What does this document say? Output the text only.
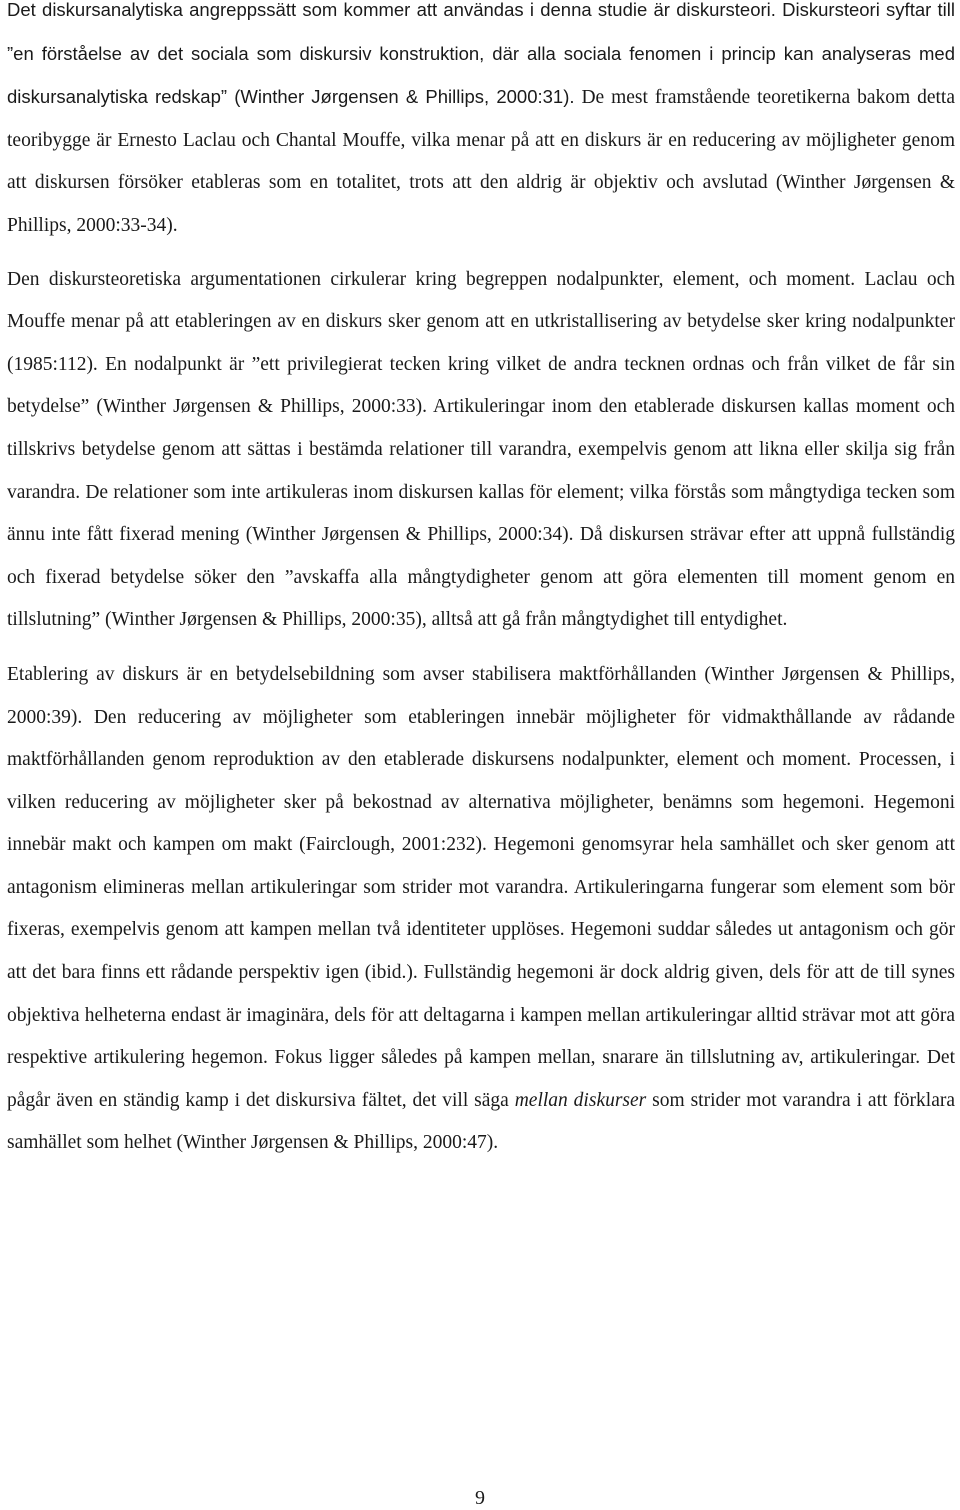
Det diskursanalytiska angreppssätt som kommer att användas i denna studie är diskursteori. Diskursteori syftar till ”en förståelse av det sociala som diskursiv konstruktion, där alla sociala fenomen i princip kan analyseras med diskursanalytiska redskap” (Winther Jørgensen & Phillips, 2000:31). De mest framstående teoretikerna bakom detta teoribygge är Ernesto Laclau och Chantal Mouffe, vilka menar på att en diskurs är en reducering av möjligheter genom att diskursen försöker etableras som en totalitet, trots att den aldrig är objektiv och avslutad (Winther Jørgensen & Phillips, 2000:33-34).

Den diskursteoretiska argumentationen cirkulerar kring begreppen nodalpunkter, element, och moment. Laclau och Mouffe menar på att etableringen av en diskurs sker genom att en utkristallisering av betydelse sker kring nodalpunkter (1985:112). En nodalpunkt är ”ett privilegierat tecken kring vilket de andra tecknen ordnas och från vilket de får sin betydelse” (Winther Jørgensen & Phillips, 2000:33). Artikuleringar inom den etablerade diskursen kallas moment och tillskrivs betydelse genom att sättas i bestämda relationer till varandra, exempelvis genom att likna eller skilja sig från varandra. De relationer som inte artikuleras inom diskursen kallas för element; vilka förstås som mångtydiga tecken som ännu inte fått fixerad mening (Winther Jørgensen & Phillips, 2000:34). Då diskursen strävar efter att uppnå fullständig och fixerad betydelse söker den ”avskaffa alla mångtydigheter genom att göra elementen till moment genom en tillslutning” (Winther Jørgensen & Phillips, 2000:35), alltså att gå från mångtydighet till entydighet.

Etablering av diskurs är en betydelsebildning som avser stabilisera maktförhållanden (Winther Jørgensen & Phillips, 2000:39). Den reducering av möjligheter som etableringen innebär möjligheter för vidmakthållande av rådande maktförhållanden genom reproduktion av den etablerade diskursens nodalpunkter, element och moment. Processen, i vilken reducering av möjligheter sker på bekostnad av alternativa möjligheter, benämns som hegemoni. Hegemoni innebär makt och kampen om makt (Fairclough, 2001:232). Hegemoni genomsyrar hela samhället och sker genom att antagonism elimineras mellan artikuleringar som strider mot varandra. Artikuleringarna fungerar som element som bör fixeras, exempelvis genom att kampen mellan två identiteter upplöses. Hegemoni suddar således ut antagonism och gör att det bara finns ett rådande perspektiv igen (ibid.). Fullständig hegemoni är dock aldrig given, dels för att de till synes objektiva helheterna endast är imaginära, dels för att deltagarna i kampen mellan artikuleringar alltid strävar mot att göra respektive artikulering hegemon. Fokus ligger således på kampen mellan, snarare än tillslutning av, artikuleringar. Det pågår även en ständig kamp i det diskursiva fältet, det vill säga mellan diskurser som strider mot varandra i att förklara samhället som helhet (Winther Jørgensen & Phillips, 2000:47).

9
